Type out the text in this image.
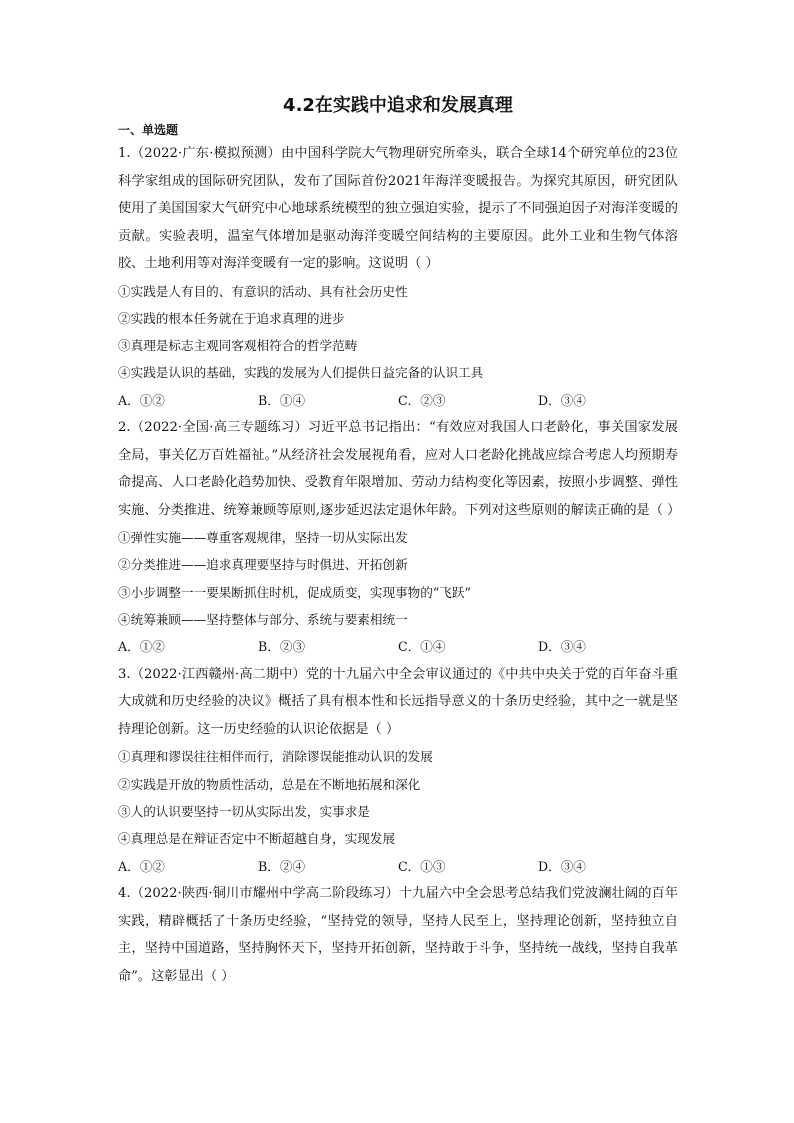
4.2在实践中追求和发展真理
一、单选题

1.（2022·广东·模拟预测）由中国科学院大气物理研究所牵头，联合全球14个研究单位的23位科学家组成的国际研究团队，发布了国际首份2021年海洋变暖报告。为探究其原因，研究团队使用了美国国家大气研究中心地球系统模型的独立强迫实验，提示了不同强迫因子对海洋变暖的贡献。实验表明，温室气体增加是驱动海洋变暖空间结构的主要原因。此外工业和生物气体溶胶、土地利用等对海洋变暖有一定的影响。这说明（ ）

①实践是人有目的、有意识的活动、具有社会历史性

②实践的根本任务就在于追求真理的进步

③真理是标志主观同客观相符合的哲学范畴

④实践是认识的基础，实践的发展为人们提供日益完备的认识工具

A．①②	B．①④	C．②③	D．③④

2.（2022·全国·高三专题练习）习近平总书记指出：“有效应对我国人口老龄化，事关国家发展全局，事关亿万百姓福祉。”从经济社会发展视角看，应对人口老龄化挑战应综合考虑人均预期寿命提高、人口老龄化趋势加快、受教育年限增加、劳动力结构变化等因素，按照小步调整、弹性实施、分类推进、统筹兼顾等原则,逐步延迟法定退休年龄。下列对这些原则的解读正确的是（ ）

①弹性实施——尊重客观规律，坚持一切从实际出发

②分类推进——追求真理要坚持与时俱进、开拓创新

③小步调整一一要果断抓住时机，促成质变，实现事物的“飞跃”

④统筹兼顾——坚持整体与部分、系统与要素相统一

A．①②	B．②③	C．①④	D．③④

3.（2022·江西赣州·高二期中）党的十九届六中全会审议通过的《中共中央关于党的百年奋斗重大成就和历史经验的决议》概括了具有根本性和长远指导意义的十条历史经验，其中之一就是坚持理论创新。这一历史经验的认识论依据是（ ）

①真理和谬误往往相伴而行，消除谬误能推动认识的发展

②实践是开放的物质性活动，总是在不断地拓展和深化

③人的认识要坚持一切从实际出发，实事求是

④真理总是在辩证否定中不断超越自身，实现发展

A．①②	B．②④	C．①③	D．③④

4.（2022·陕西·铜川市耀州中学高二阶段练习）十九届六中全会思考总结我们党波澜壮阔的百年实践，精辟概括了十条历史经验，“坚持党的领导，坚持人民至上，坚持理论创新，坚持独立自主，坚持中国道路，坚持胸怀天下，坚持开拓创新，坚持敢于斗争，坚持统一战线，坚持自我革命”。这彰显出（ ）
